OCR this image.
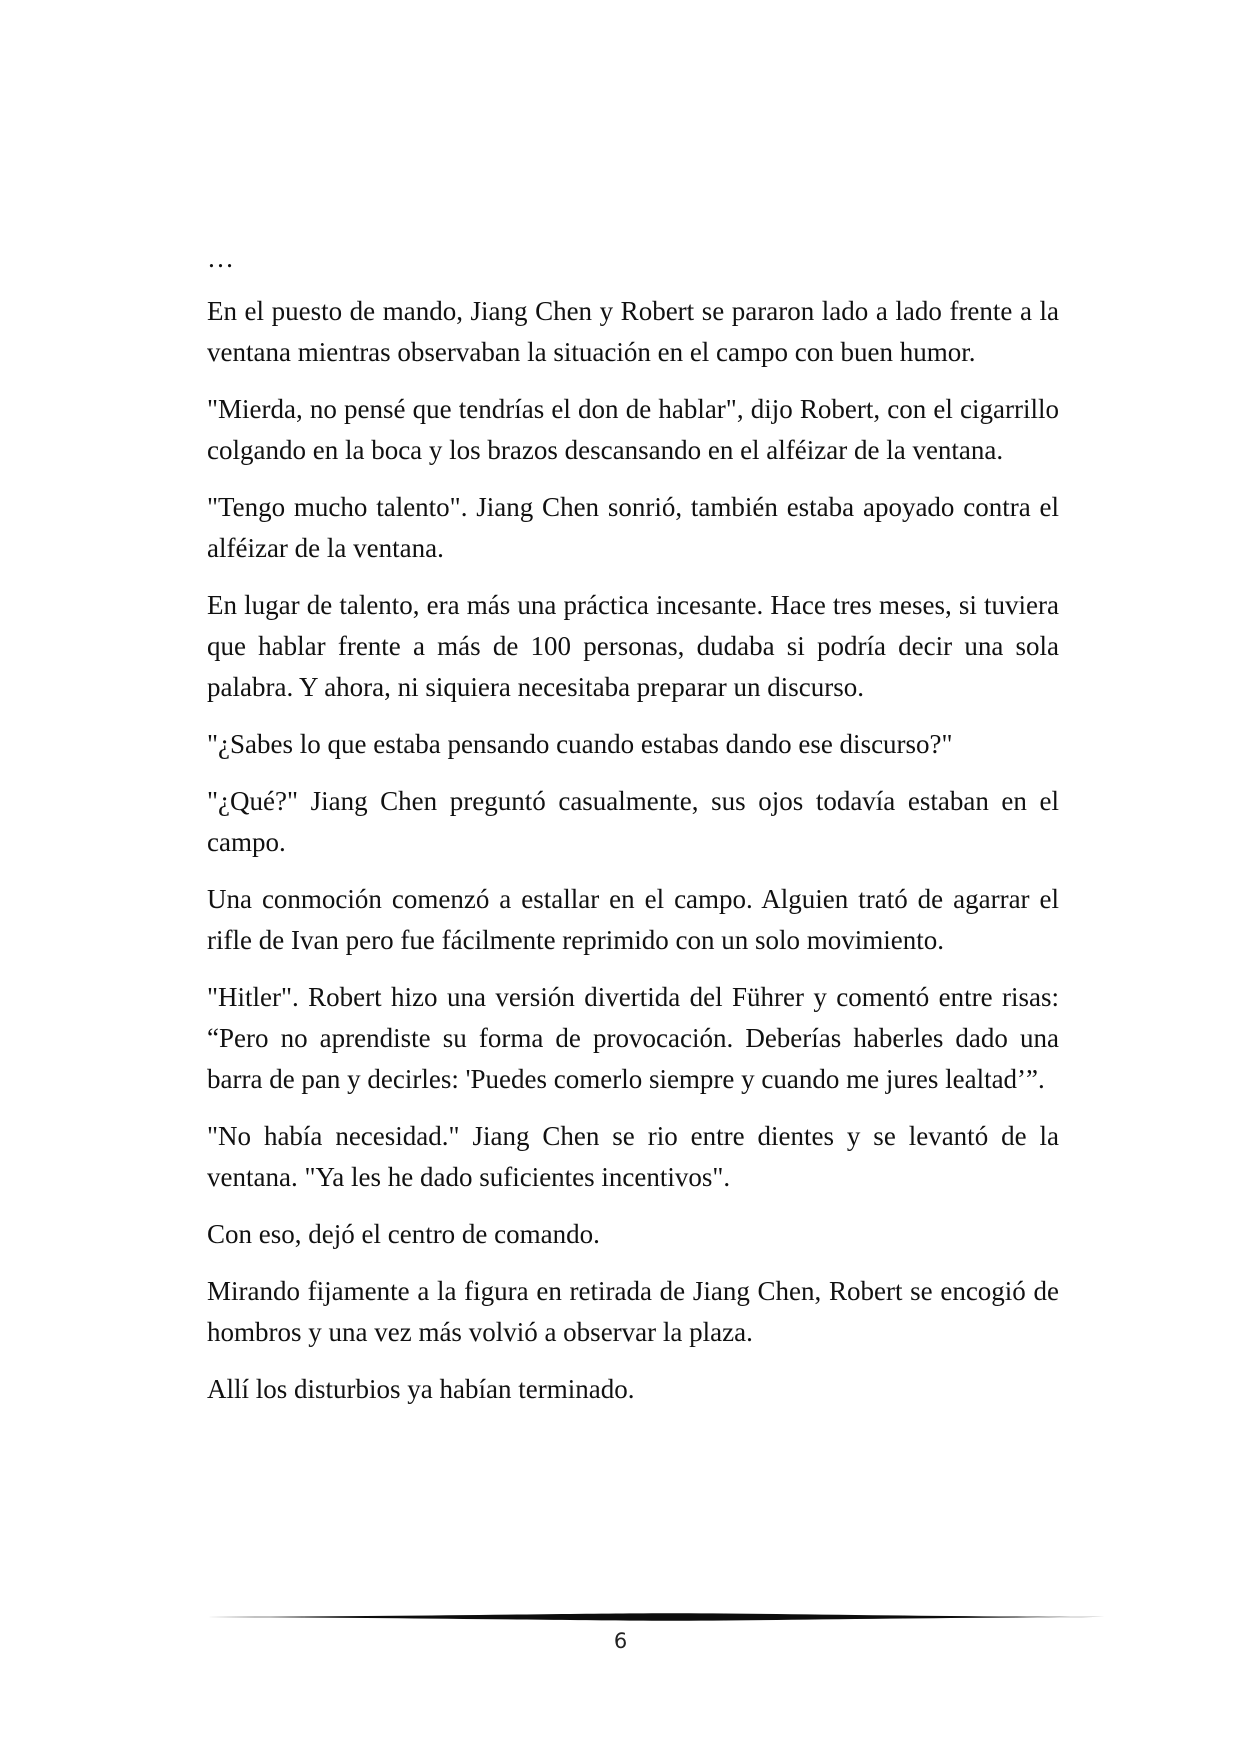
…

En el puesto de mando, Jiang Chen y Robert se pararon lado a lado frente a la ventana mientras observaban la situación en el campo con buen humor.

"Mierda, no pensé que tendrías el don de hablar", dijo Robert, con el cigarrillo colgando en la boca y los brazos descansando en el alféizar de la ventana.

"Tengo mucho talento". Jiang Chen sonrió, también estaba apoyado contra el alféizar de la ventana.

En lugar de talento, era más una práctica incesante. Hace tres meses, si tuviera que hablar frente a más de 100 personas, dudaba si podría decir una sola palabra. Y ahora, ni siquiera necesitaba preparar un discurso.

"¿Sabes lo que estaba pensando cuando estabas dando ese discurso?"

"¿Qué?" Jiang Chen preguntó casualmente, sus ojos todavía estaban en el campo.

Una conmoción comenzó a estallar en el campo. Alguien trató de agarrar el rifle de Ivan pero fue fácilmente reprimido con un solo movimiento.

"Hitler". Robert hizo una versión divertida del Führer y comentó entre risas: “Pero no aprendiste su forma de provocación. Deberías haberles dado una barra de pan y decirles: 'Puedes comerlo siempre y cuando me jures lealtad’”.

"No había necesidad." Jiang Chen se rio entre dientes y se levantó de la ventana. "Ya les he dado suficientes incentivos".

Con eso, dejó el centro de comando.

Mirando fijamente a la figura en retirada de Jiang Chen, Robert se encogió de hombros y una vez más volvió a observar la plaza.

Allí los disturbios ya habían terminado.

6
